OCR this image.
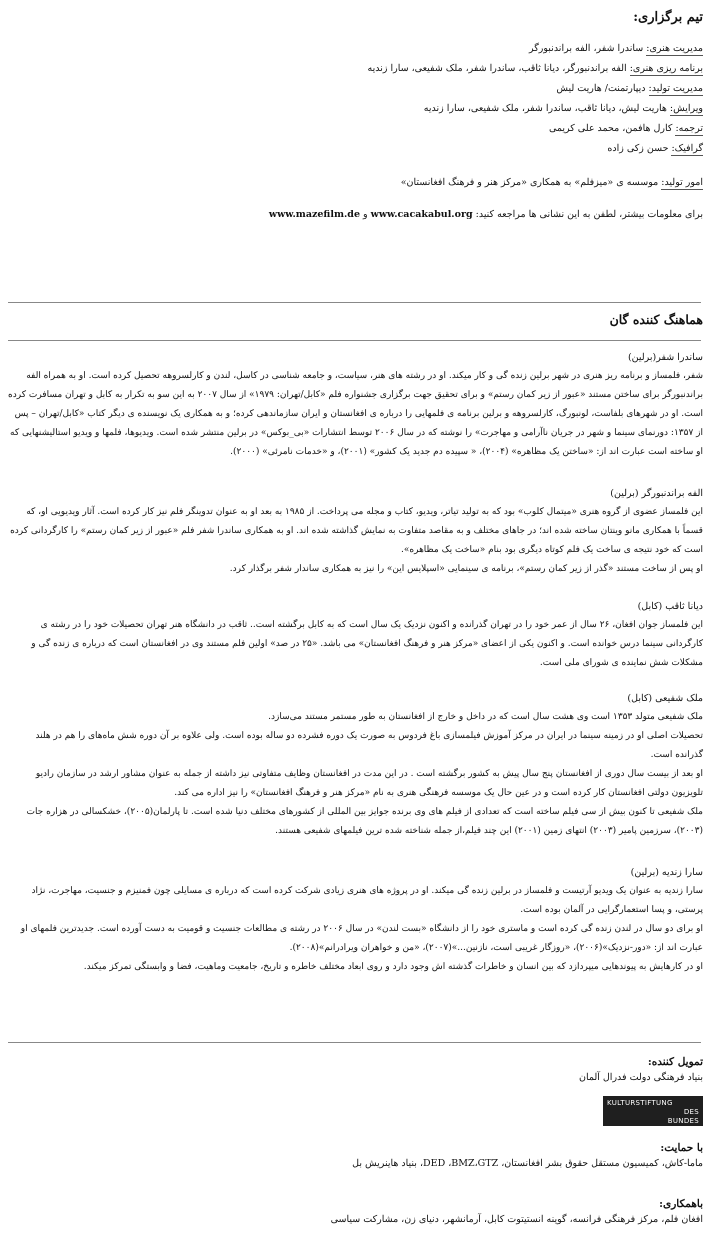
تیم برگزاری:

مدیریت هنری: ساندرا شفر، الفه براندنبورگر

برنامه ریزی هنری: الفه براندنبورگر، دیانا ثاقب، ساندرا شفر، ملک شفیعی، سارا زندیه

مدیریت تولید: دیپارتمنت/ هاریت لیش

ویرایش: هاریت لیش، دیانا ثاقب، ساندرا شفر، ملک شفیعی، سارا زندیه

ترجمه: کارل هافمن، محمد علی کریمی

گرافیک: حسن زکی زاده

امور تولید: موسسه ی «میزفلم» به همکاری «مرکز هنر و فرهنگ افغانستان»

برای معلومات بیشتر، لطفن به این نشانی ها مراجعه کنید: www.cacakabul.org و www.mazefilm.de

هماهنگ کننده گان
ساندرا شفر(برلین)

شفر، فلمساز و برنامه ریز هنری در شهر برلین زنده گی و کار میکند. او در رشته های هنر، سیاست، و جامعه شناسی در کاسل، لندن و کارلسروهه تحصیل کرده است. او به همراه الفه براندنبورگر برای ساختن مستند «عبور از زیر کمان رستم» و برای تحقیق جهت برگزاری جشنواره فلم «کابل/تهران: ۱۹۷۹» از سال ۲۰۰۷ به این سو به تکرار به کابل و تهران مسافرت کرده است. او در شهرهای بلفاست، لونبورگ، کارلسروهه و برلین برنامه ی فلمهایی را درباره ی افغانستان و ایران سازماندهی کرده؛ و به همکاری یک نویسنده ی دیگر کتاب «کابل/تهران – پس از ۱۳۵۷: دورنمای سینما و شهر در جریان ناآرامی و مهاجرت» را نوشته که در سال ۲۰۰۶ توسط انتشارات «بی_بوکس» در برلین منتشر شده است. ویدیوها، فلمها و ویدیو استالیشنهایی که او ساخته است عبارت اند از: «ساختن یک مظاهره» (۲۰۰۴)، « سپیده دم جدید یک کشور» (۲۰۰۱)، و «خدمات نامرئی» (۲۰۰۰).

الفه براندنبورگر (برلین)

این فلمساز عضوی از گروه هنری «میتمال کلوب» بود که به تولید تیاتر، ویدیو، کتاب و مجله می پرداخت. از ۱۹۸۵ به بعد او به عنوان تدوینگر فلم نیز کار کرده است. آثار ویدیویی او، که قسماً با همکاری مانو وینتان ساخته شده اند؛ در جاهای مختلف و به مقاصد متفاوت به نمایش گذاشته شده اند. او به همکاری ساندرا شفر فلم «عبور از زیر کمان رستم» را کارگردانی کرده است که خود نتیجه ی ساخت یک فلم کوتاه دیگری بود بنام «ساخت یک مظاهره».

او پس از ساخت مستند «گذر از زیر کمان رستم»، برنامه ی سینمایی «اسپلایس این» را نیز به همکاری ساندار شفر برگذار کرد.

دیانا ثاقب (کابل)

این فلمساز جوان افغان، ۲۶ سال از عمر خود را در تهران گذرانده و اکنون نزدیک یک سال است که به کابل برگشته است.. ثاقب در دانشگاه هنر تهران تحصیلات خود را در رشته ی کارگردانی سینما درس خوانده است. و اکنون یکی از اعضای «مرکز هنر و فرهنگ افغانستان» می باشد. «۲۵ در صد» اولین فلم مستند وی در افغانستان است که درباره ی زنده گی و مشکلات شش نماینده ی شورای ملی است.

ملک شفیعی (کابل)

ملک شفیعی متولد ۱۳۵۳ است وی هشت سال است که در داخل و خارج از افغانستان به طور مستمر مستند می‌سازد.

تحصیلات اصلی او در زمینه سینما در ایران در مرکز آموزش فیلمسازی باغ فردوس به صورت یک دوره فشرده دو ساله بوده است. ولی علاوه بر آن دوره شش ماه‌های را هم در هلند گذرانده است.

او بعد از بیست سال دوری از افغانستان پنج سال پیش به کشور برگشته است . در این مدت در افغانستان وظایف متفاوتی نیز داشته از جمله به عنوان مشاور ارشد در سازمان رادیو تلویزیون دولتی افغانستان کار کرده است و در عین حال یک موسسه فرهنگی هنری به نام «مرکز هنر و فرهنگ افغانستان» را نیز اداره می کند.

ملک شفیعی تا کنون بیش از سی فیلم ساخته است که تعدادی از فیلم های وی برنده جوایز بین المللی از کشورهای مختلف دنیا شده است. تا پارلمان(۲۰۰۵)، خشکسالی در هزاره جات (۲۰۰۳)، سرزمین پامیر (۲۰۰۳) انتهای زمین (۲۰۰۱) این چند فیلم،از جمله شناخته شده ترین فیلمهای شفیعی هستند.

سارا زندیه (برلین)

سارا زندیه به عنوان یک ویدیو آرتیست و فلمساز در برلین زنده گی میکند. او در پروژه های هنری زیادی شرکت کرده است که درباره ی مسایلی چون فمنیزم و جنسیت، مهاجرت، نژاد پرستی، و پسا استعمارگرایی در آلمان بوده است.

او برای دو سال در لندن زنده گی کرده است و ماستری خود را از دانشگاه «بست لندن» در سال ۲۰۰۶ در رشته ی مطالعات جنسیت و قومیت به دست آورده است. جدیدترین فلمهای او عبارت اند از: «دور-نزدیک»(۲۰۰۶)، «روزگار غریبی است، نازنین...»(۲۰۰۷)، «من و خواهران ویرادرانم»(۲۰۰۸).

او در کارهایش به پیوندهایی میپردازد که بین انسان و خاطرات گذشته اش وجود دارد و روی ابعاد مختلف خاطره و تاریخ، جامعیت وماهیت، فضا و وابستگی تمرکز میکند.

تمویل کننده:

بنیاد فرهنگی دولت فدرال آلمان

KULTURSTIFTUNG
DES
BUNDES
با حمایت:

ماما-کاش، کمیسیون مستقل حقوق بشر افغانستان، DED ،BMZ،GTZ، بنیاد هاینریش بل

باهمکاری:

افغان فلم، مرکز فرهنگی فرانسه، گوینه انستیتوت کابل، آرمانشهر، دنیای زن، مشارکت سیاسی
